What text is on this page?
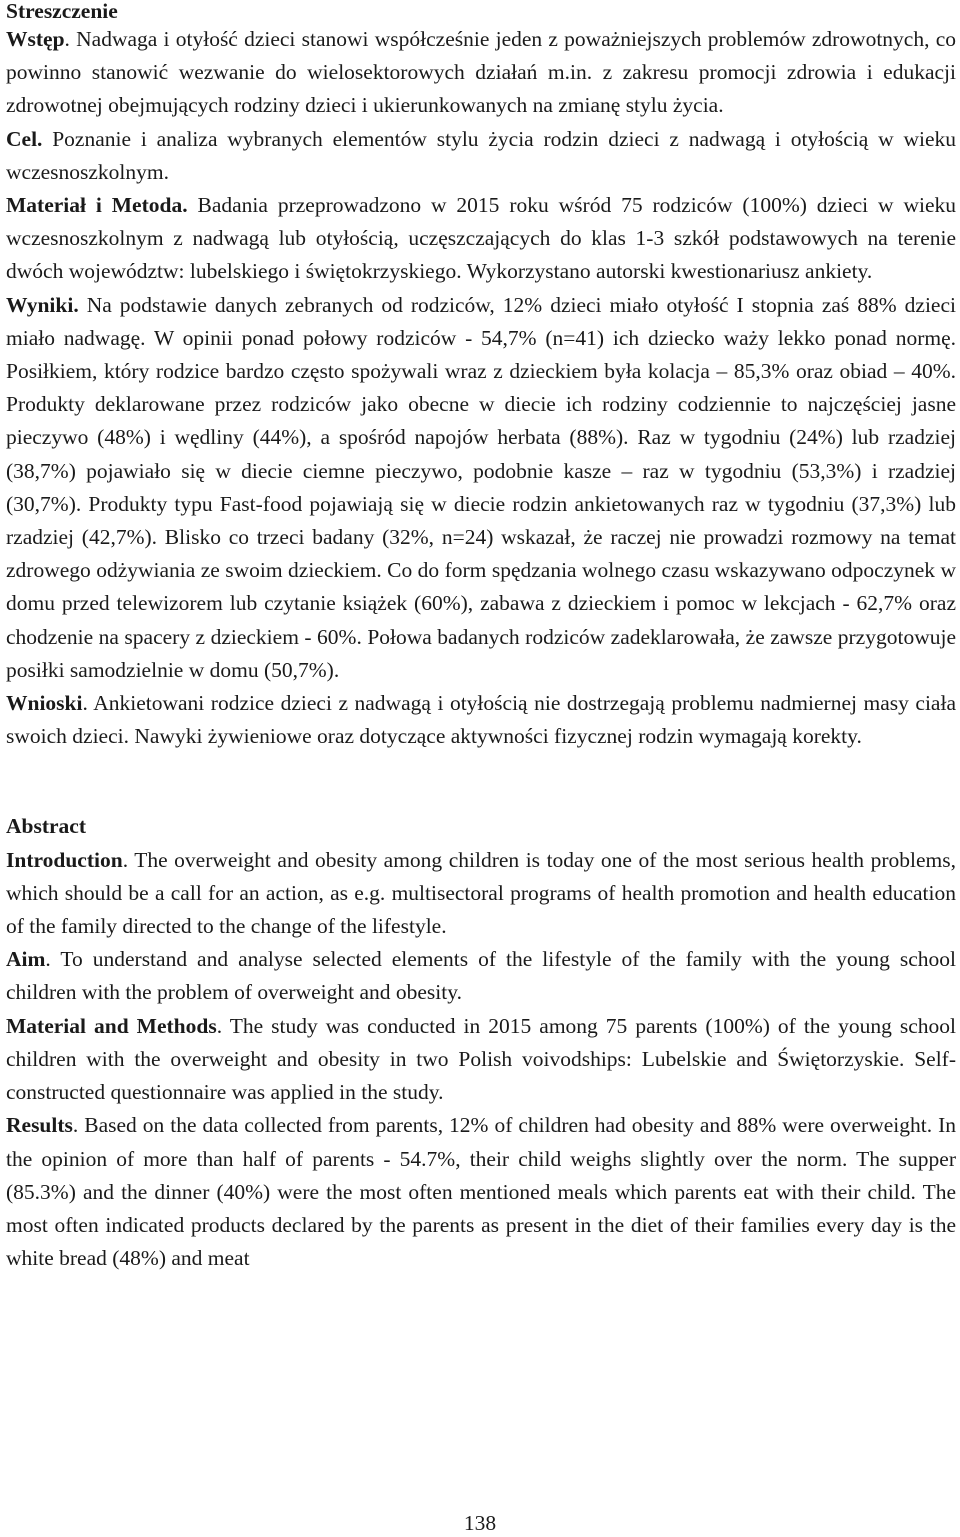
Streszczenie

Wstęp. Nadwaga i otyłość dzieci stanowi współcześnie jeden z poważniejszych problemów zdrowotnych, co powinno stanowić wezwanie do wielosektorowych działań m.in. z zakresu promocji zdrowia i edukacji zdrowotnej obejmujących rodziny dzieci i ukierunkowanych na zmianę stylu życia.

Cel. Poznanie i analiza wybranych elementów stylu życia rodzin dzieci z nadwagą i otyłością w wieku wczesnoszkolnym.

Materiał i Metoda. Badania przeprowadzono w 2015 roku wśród 75 rodziców (100%) dzieci w wieku wczesnoszkolnym z nadwagą lub otyłością, uczęszczających do klas 1-3 szkół podstawowych na terenie dwóch województw: lubelskiego i świętokrzyskiego. Wykorzystano autorski kwestionariusz ankiety.

Wyniki. Na podstawie danych zebranych od rodziców, 12% dzieci miało otyłość I stopnia zaś 88% dzieci miało nadwagę. W opinii ponad połowy rodziców - 54,7% (n=41) ich dziecko waży lekko ponad normę. Posiłkiem, który rodzice bardzo często spożywali wraz z dzieckiem była kolacja – 85,3% oraz obiad – 40%. Produkty deklarowane przez rodziców jako obecne w diecie ich rodziny codziennie to najczęściej jasne pieczywo (48%) i wędliny (44%), a spośród napojów herbata (88%). Raz w tygodniu (24%) lub rzadziej (38,7%) pojawiało się w diecie ciemne pieczywo, podobnie kasze – raz w tygodniu (53,3%) i rzadziej (30,7%). Produkty typu Fast-food pojawiają się w diecie rodzin ankietowanych raz w tygodniu (37,3%) lub rzadziej (42,7%). Blisko co trzeci badany (32%, n=24) wskazał, że raczej nie prowadzi rozmowy na temat zdrowego odżywiania ze swoim dzieckiem. Co do form spędzania wolnego czasu wskazywano odpoczynek w domu przed telewizorem lub czytanie książek (60%), zabawa z dzieckiem i pomoc w lekcjach - 62,7% oraz chodzenie na spacery z dzieckiem - 60%. Połowa badanych rodziców zadeklarowała, że zawsze przygotowuje posiłki samodzielnie w domu (50,7%).

Wnioski. Ankietowani rodzice dzieci z nadwagą i otyłością nie dostrzegają problemu nadmiernej masy ciała swoich dzieci. Nawyki żywieniowe oraz dotyczące aktywności fizycznej rodzin wymagają korekty.

Abstract

Introduction. The overweight and obesity among children is today one of the most serious health problems, which should be a call for an action, as e.g. multisectoral programs of health promotion and health education of the family directed to the change of the lifestyle.

Aim. To understand and analyse selected elements of the lifestyle of the family with the young school children with the problem of overweight and obesity.

Material and Methods. The study was conducted in 2015 among 75 parents (100%) of the young school children with the overweight and obesity in two Polish voivodships: Lubelskie and Świętorzyskie. Self-constructed questionnaire was applied in the study.

Results. Based on the data collected from parents, 12% of children had obesity and 88% were overweight. In the opinion of more than half of parents - 54.7%, their child weighs slightly over the norm. The supper (85.3%) and the dinner (40%) were the most often mentioned meals which parents eat with their child. The most often indicated products declared by the parents as present in the diet of their families every day is the white bread (48%) and meat

138
